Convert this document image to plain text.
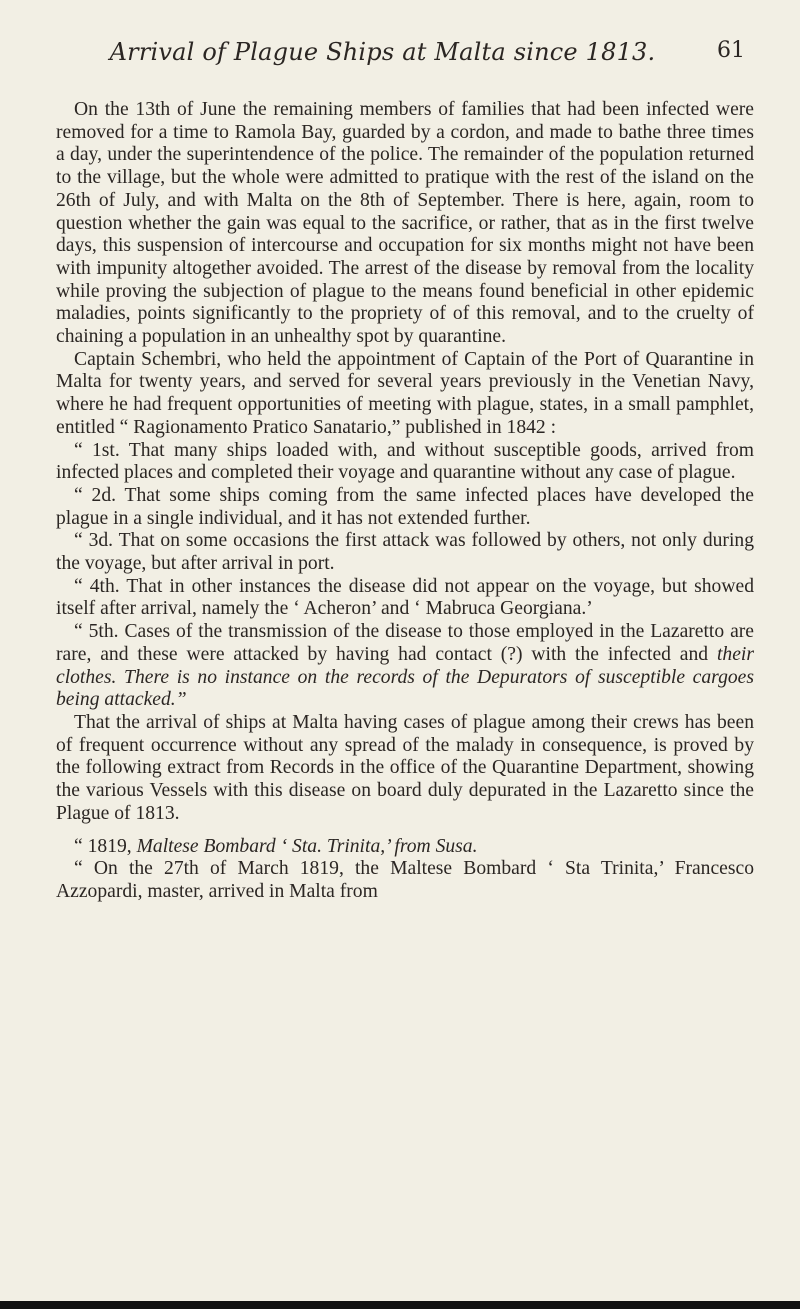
Arrival of Plague Ships at Malta since 1813.	61

On the 13th of June the remaining members of families that had been infected were removed for a time to Ramola Bay, guarded by a cordon, and made to bathe three times a day, under the superintendence of the police. The remainder of the population returned to the village, but the whole were admitted to pratique with the rest of the island on the 26th of July, and with Malta on the 8th of September. There is here, again, room to question whether the gain was equal to the sacrifice, or rather, that as in the first twelve days, this suspension of intercourse and occupation for six months might not have been with impunity altogether avoided. The arrest of the disease by removal from the locality while proving the subjection of plague to the means found beneficial in other epidemic maladies, points significantly to the propriety of of this removal, and to the cruelty of chaining a population in an unhealthy spot by quarantine.

Captain Schembri, who held the appointment of Captain of the Port of Quarantine in Malta for twenty years, and served for several years previously in the Venetian Navy, where he had frequent opportunities of meeting with plague, states, in a small pamphlet, entitled “ Ragionamento Pratico Sanatario,” published in 1842 :

“ 1st. That many ships loaded with, and without susceptible goods, arrived from infected places and completed their voyage and quarantine without any case of plague.

“ 2d. That some ships coming from the same infected places have developed the plague in a single individual, and it has not extended further.

“ 3d. That on some occasions the first attack was followed by others, not only during the voyage, but after arrival in port.

“ 4th. That in other instances the disease did not appear on the voyage, but showed itself after arrival, namely the ‘ Acheron’ and ‘ Mabruca Georgiana.’

“ 5th. Cases of the transmission of the disease to those employed in the Lazaretto are rare, and these were attacked by having had contact (?) with the infected and their clothes. There is no instance on the records of the Depurators of susceptible cargoes being attacked.”

That the arrival of ships at Malta having cases of plague among their crews has been of frequent occurrence without any spread of the malady in consequence, is proved by the following extract from Records in the office of the Quarantine Department, showing the various Vessels with this disease on board duly depurated in the Lazaretto since the Plague of 1813.

“ 1819, Maltese Bombard ‘ Sta. Trinita,’ from Susa.

“ On the 27th of March 1819, the Maltese Bombard ‘ Sta Trinita,’ Francesco Azzopardi, master, arrived in Malta from
